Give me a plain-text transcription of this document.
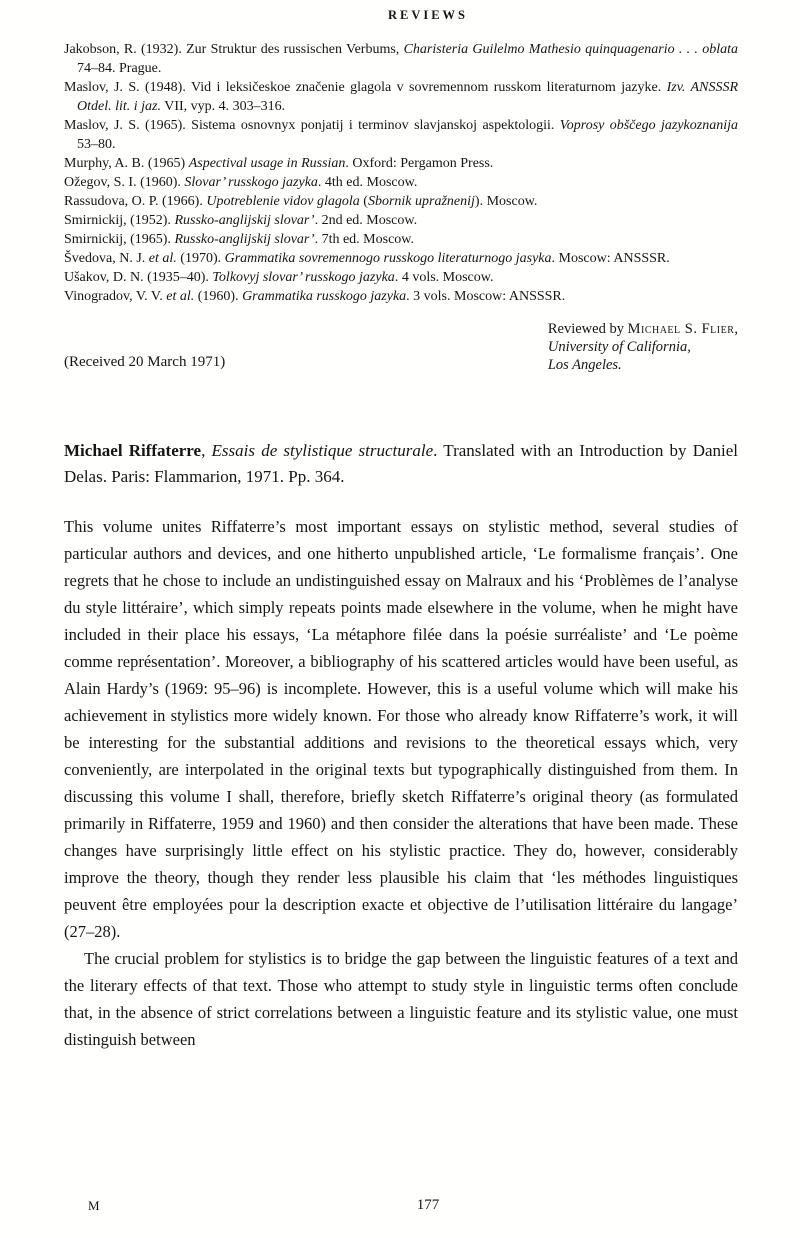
REVIEWS

Jakobson, R. (1932). Zur Struktur des russischen Verbums, Charisteria Guilelmo Mathesio quinquagenario . . . oblata 74–84. Prague.

Maslov, J. S. (1948). Vid i leksičeskoe značenie glagola v sovremennom russkom literaturnom jazyke. Izv. ANSSSR Otdel. lit. i jaz. VII, vyp. 4. 303–316.

Maslov, J. S. (1965). Sistema osnovnyx ponjatij i terminov slavjanskoj aspektologii. Voprosy obščego jazykoznanija 53–80.

Murphy, A. B. (1965) Aspectival usage in Russian. Oxford: Pergamon Press.

Ožegov, S. I. (1960). Slovar’ russkogo jazyka. 4th ed. Moscow.

Rassudova, O. P. (1966). Upotreblenie vidov glagola (Sbornik upražnenij). Moscow.

Smirnickij, (1952). Russko-anglijskij slovar’. 2nd ed. Moscow.

Smirnickij, (1965). Russko-anglijskij slovar’. 7th ed. Moscow.

Švedova, N. J. et al. (1970). Grammatika sovremennogo russkogo literaturnogo jasyka. Moscow: ANSSSR.

Ušakov, D. N. (1935–40). Tolkovyj slovar’ russkogo jazyka. 4 vols. Moscow.

Vinogradov, V. V. et al. (1960). Grammatika russkogo jazyka. 3 vols. Moscow: ANSSSR.

(Received 20 March 1971)
Reviewed by Michael S. Flier,
University of California,
Los Angeles.

Michael Riffaterre, Essais de stylistique structurale. Translated with an Introduction by Daniel Delas. Paris: Flammarion, 1971. Pp. 364.

This volume unites Riffaterre’s most important essays on stylistic method, several studies of particular authors and devices, and one hitherto unpublished article, ‘Le formalisme français’. One regrets that he chose to include an undistinguished essay on Malraux and his ‘Problèmes de l’analyse du style littéraire’, which simply repeats points made elsewhere in the volume, when he might have included in their place his essays, ‘La métaphore filée dans la poésie surréaliste’ and ‘Le poème comme représentation’. Moreover, a bibliography of his scattered articles would have been useful, as Alain Hardy’s (1969: 95–96) is incomplete. However, this is a useful volume which will make his achievement in stylistics more widely known. For those who already know Riffaterre’s work, it will be interesting for the substantial additions and revisions to the theoretical essays which, very conveniently, are interpolated in the original texts but typographically distinguished from them. In discussing this volume I shall, therefore, briefly sketch Riffaterre’s original theory (as formulated primarily in Riffaterre, 1959 and 1960) and then consider the alterations that have been made. These changes have surprisingly little effect on his stylistic practice. They do, however, considerably improve the theory, though they render less plausible his claim that ‘les méthodes linguistiques peuvent être employées pour la description exacte et objective de l’utilisation littéraire du langage’ (27–28).

The crucial problem for stylistics is to bridge the gap between the linguistic features of a text and the literary effects of that text. Those who attempt to study style in linguistic terms often conclude that, in the absence of strict correlations between a linguistic feature and its stylistic value, one must distinguish between

M	177
